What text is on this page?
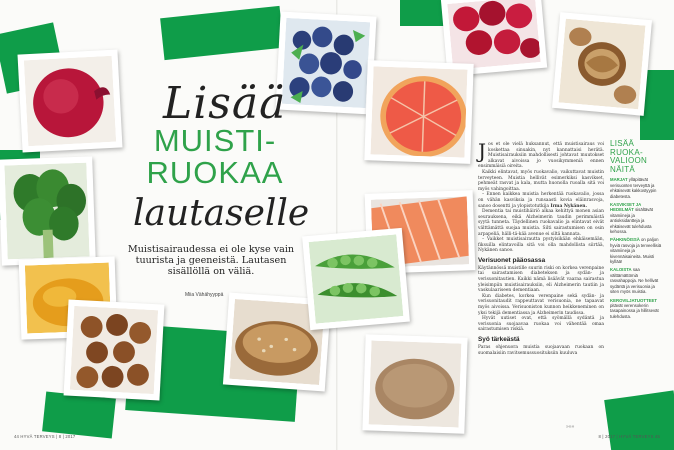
Lisää
MUISTI-
RUOKAA
lautaselle
Muistisairaudessa ei ole kyse vain tuurista ja geeneistä. Lautasen sisällöllä on väliä.
Miia Vähähyyppä

Jos et ole vielä huksannut, että muistisairaus voi koskettaa sinuakin, nyt kannattaisi herätä. Muistisairauksiin mahdollisesti johtavat muutokset alkavat aivoissa jo vuosikymmeniä ennen ensimmäisiä oireita.

Kaikki elintavat, myös ruokavalio, vaikuttavat muistin terveyteen. Muistia hellivät esimerkiksi kasvikset, pehmeät rasvat ja kala, mutta huonolla ruoalla sitä voi myös vahingoittaa.

– Ennen kaikkea muistia herkentää ruokavalio, jossa on vähän kasviksia ja runsaasti kovia eläinrasvoja, sanoo dosentti ja ylopistotutkija Irma Nykänen.

Dementia tai muistihäiriö alkaa kehittyä monen asian seurauksena, eikä Alzheimerin taudin perimmäistä syytä tunneta. Täydellinen ruokavalio ja elintavat eivät välttämättä suojaa muistia. Silti sairastumisen on osin arpapeliä, hälli-tä-kää avenue ei siltä kannata.

– Vaikket muistisairautta pystyisikään ehkäisemään, fiksuilla elintavoilla sitä voi olla mahdollista siirtää, Nykänen sanoo.

Verisuonet pääosassa

Käytännössä muistille suurin riski on korkea verenpaine tai sairastamisen diabeteksen ja sydän- ja verisuonitautien. Kaikki nämä lisäävät vaaraa sairastua yleisimpiin muistisairauksiin, eli Alzheimerin tautiin ja vaskulaariseen dementiaan.

Kun diabetes, korkea verenpaine sekä sydän- ja verisuonitaudit rappeuttavat verisuonia, ne tapaavat myös aivoissa. Verisuoniston kunnon heikkeneminen on yksi tekijä dementiassa ja Alzheimerin taudissa.

Hyvät uutiset ovat, että syömällä sydäntä ja verisuonia suojaavaa ruokaa voi vähentää omaa sairastumisen riskiä.

Syö tärkeästä

Paras ohjenuora muistia suojaavaan ruokaan on suomalaisiin ravitsemussuosituksiin kuuluva

»»»
LISÄÄ
RUOKA-
VALIOON
NÄITÄ
MARJAT ylläpitävät verisuonten terveyttä ja ehkäisevät kakkostyypin diabetesta.
KASVIKSET JA HEDELMÄT sisältävät vitamiineja ja antioksidantteja ja ehkäisevät tulehdusta kehossa.
PÄHKINÖISSÄ on paljon hyviä rasvoja ja terveellisiä vitamiineja ja kivennäisaineita. Muisti kyllää!
KALOISTA saa välttämättömiä rasvahappoja. Ne hellivät sydäntä ja verisuonia ja siten myös muistia.
KEROVILJATUOTTEET pitävät verensokerin tasapainossa ja hillitsevät tulehdusta.
44 HYVÄ TERVEYS | 8 | 2017	8 | 2017 | HYVÄ TERVEYS 45
